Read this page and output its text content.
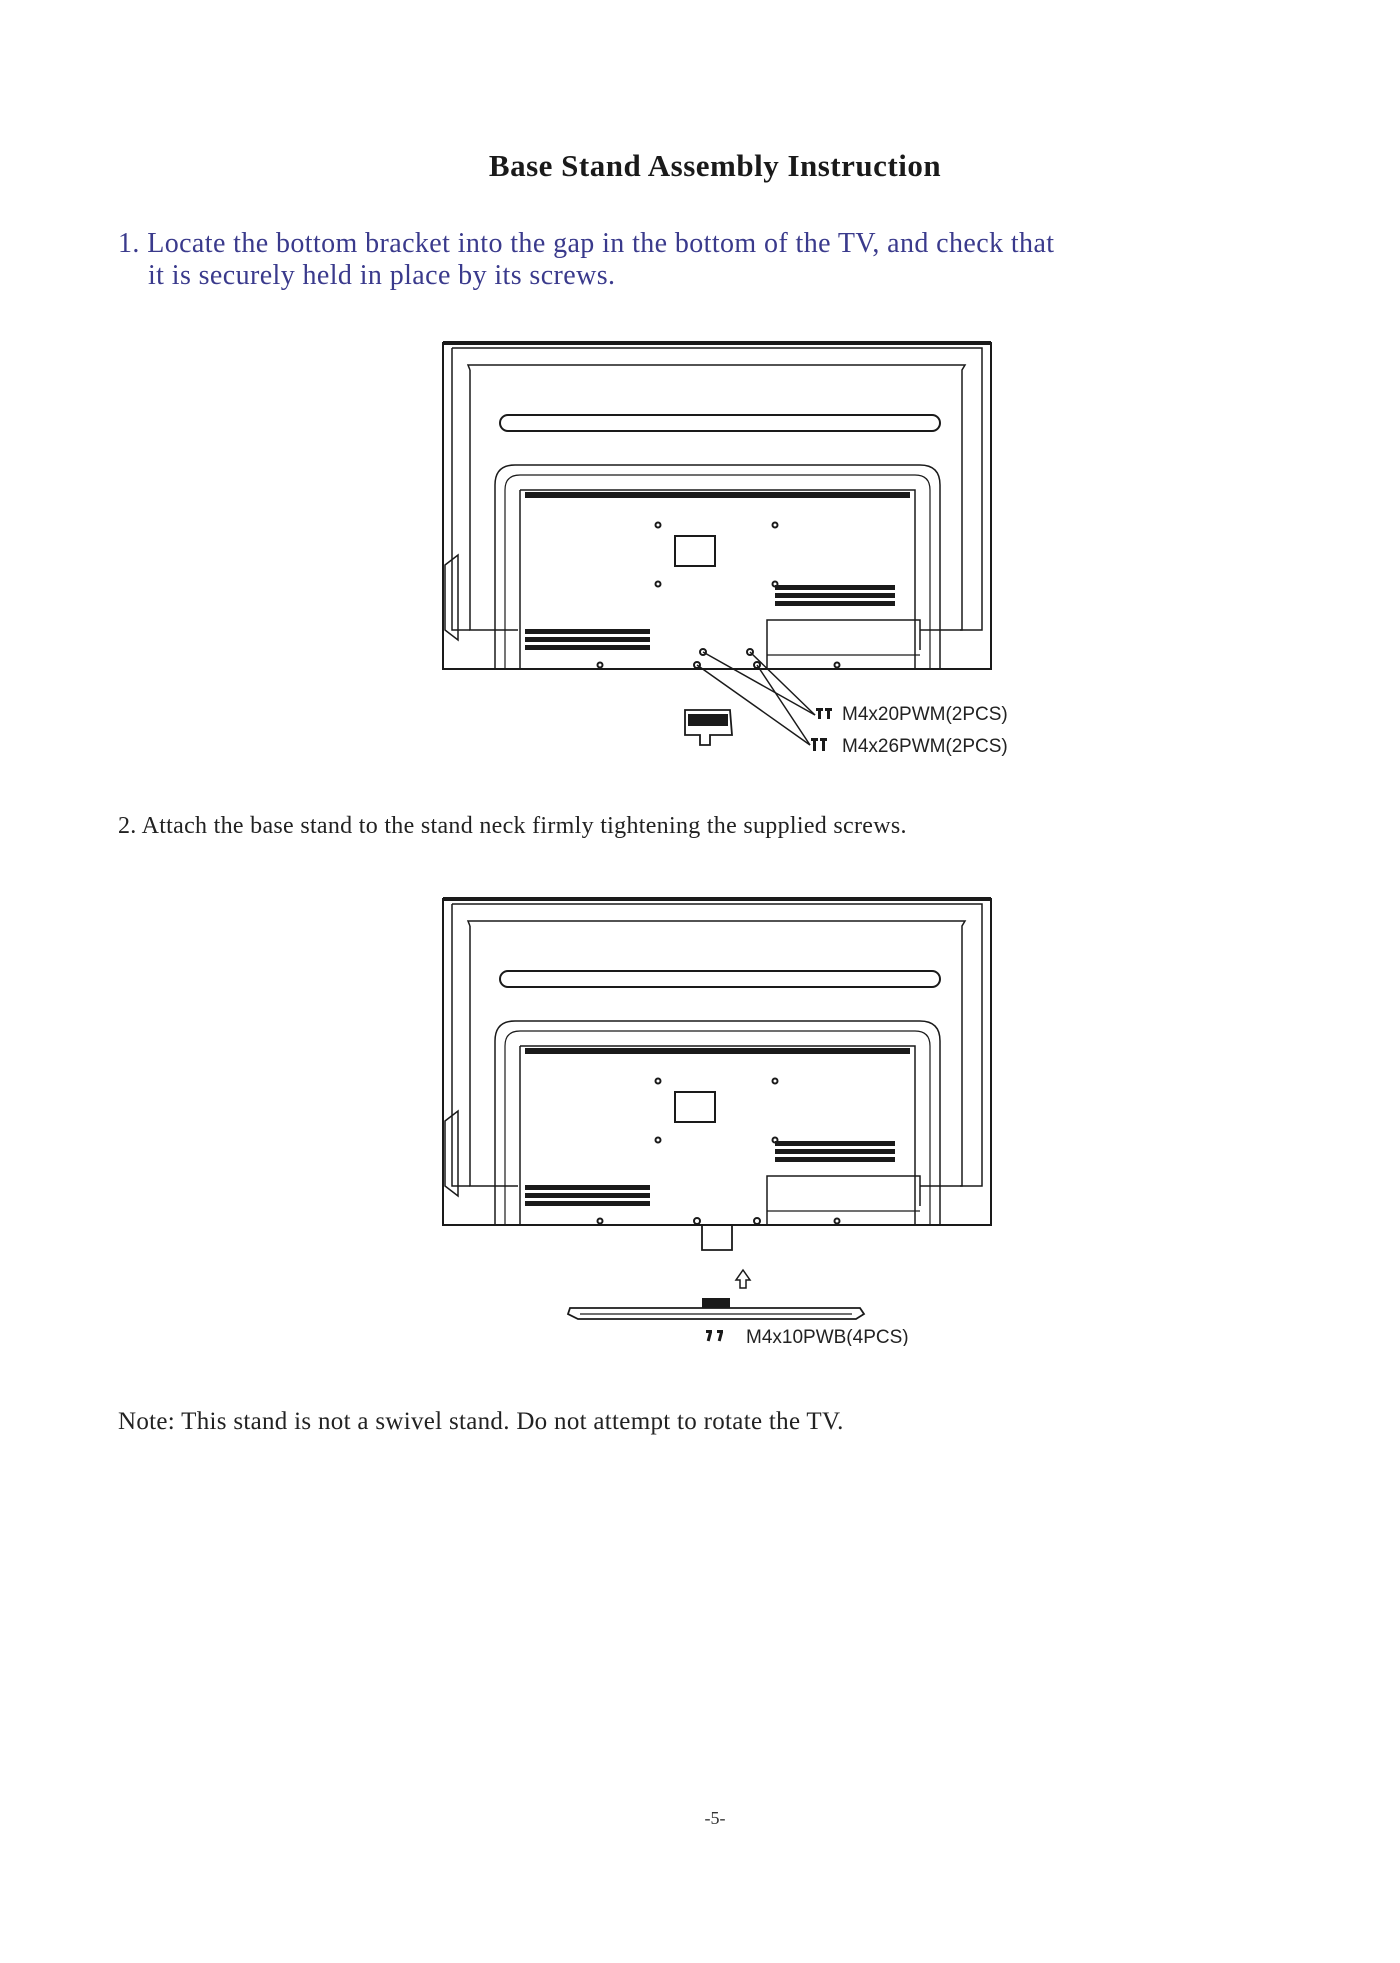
Base Stand Assembly Instruction

1. Locate the bottom bracket into the gap in the bottom of the TV, and check that
it is securely held in place by its screws.

M4x20PWM(2PCS)
M4x26PWM(2PCS)

2. Attach the base stand to the stand neck firmly tightening the supplied screws.

M4x10PWB(4PCS)

Note: This stand is not a swivel stand. Do not attempt to rotate the TV.

-5-
